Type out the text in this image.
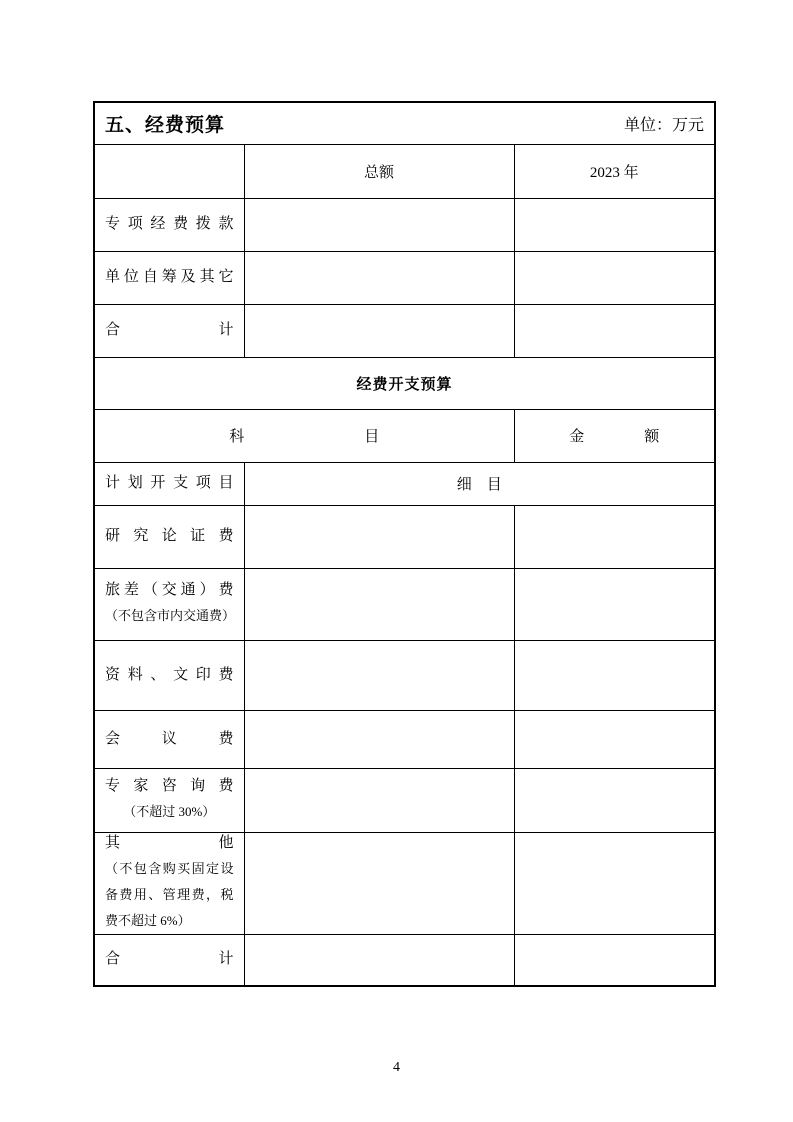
五、经费预算 单位：万元		

	总额	2023 年

专项经费拨款		

单位自筹及其它		

合计		

经费开支预算		
科　　　　　　　　目		金　　　　额

计划开支项目	细　目	

研究论证费		

旅差（交通）费
（不包含市内交通费）		

资料、文印费		

会议费		

专家咨询费
（不超过 30%）		

其他
（不包含购买固定设备费用、管理费，税费不超过 6%）		

合计		

4
